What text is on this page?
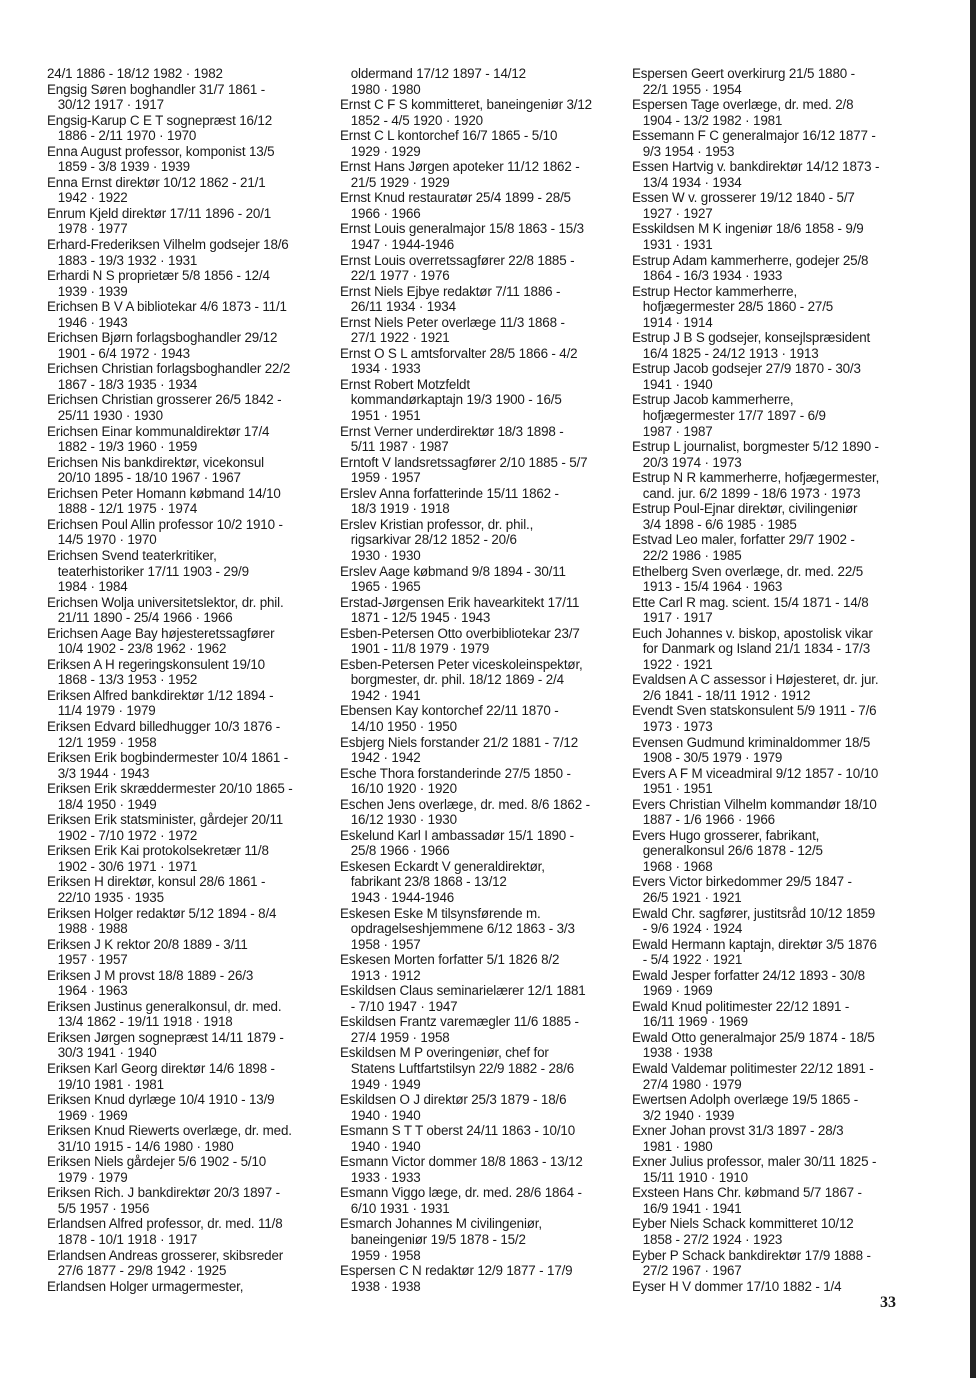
24/1 1886 - 18/12 1982 · 1982
Engsig Søren boghandler 31/7 1861 -
30/12 1917 · 1917
Engsig-Karup C E T sognepræst 16/12
1886 - 2/11 1970 · 1970
Enna August professor, komponist 13/5
1859 - 3/8 1939 · 1939
Enna Ernst direktør 10/12 1862 - 21/1
1942 · 1922
Enrum Kjeld direktør 17/11 1896 - 20/1
1978 · 1977
Erhard-Frederiksen Vilhelm godsejer 18/6
1883 - 19/3 1932 · 1931
Erhardi N S proprietær 5/8 1856 - 12/4
1939 · 1939
Erichsen B V A bibliotekar 4/6 1873 - 11/1
1946 · 1943
Erichsen Bjørn forlagsboghandler 29/12
1901 - 6/4 1972 · 1943
Erichsen Christian forlagsboghandler 22/2
1867 - 18/3 1935 · 1934
Erichsen Christian grosserer 26/5 1842 -
25/11 1930 · 1930
Erichsen Einar kommunaldirektør 17/4
1882 - 19/3 1960 · 1959
Erichsen Nis bankdirektør, vicekonsul
20/10 1895 - 18/10 1967 · 1967
Erichsen Peter Homann købmand 14/10
1888 - 12/1 1975 · 1974
Erichsen Poul Allin professor 10/2 1910 -
14/5 1970 · 1970
Erichsen Svend teaterkritiker,
teaterhistoriker 17/11 1903 - 29/9
1984 · 1984
Erichsen Wolja universitetslektor, dr. phil.
21/11 1890 - 25/4 1966 · 1966
Erichsen Aage Bay højesteretssagfører
10/4 1902 - 23/8 1962 · 1962
Eriksen A H regeringskonsulent 19/10
1868 - 13/3 1953 · 1952
Eriksen Alfred bankdirektør 1/12 1894 -
11/4 1979 · 1979
Eriksen Edvard billedhugger 10/3 1876 -
12/1 1959 · 1958
Eriksen Erik bogbindermester 10/4 1861 -
3/3 1944 · 1943
Eriksen Erik skræddermester 20/10 1865 -
18/4 1950 · 1949
Eriksen Erik statsminister, gårdejer 20/11
1902 - 7/10 1972 · 1972
Eriksen Erik Kai protokolsekretær 11/8
1902 - 30/6 1971 · 1971
Eriksen H direktør, konsul 28/6 1861 -
22/10 1935 · 1935
Eriksen Holger redaktør 5/12 1894 - 8/4
1988 · 1988
Eriksen J K rektor 20/8 1889 - 3/11
1957 · 1957
Eriksen J M provst 18/8 1889 - 26/3
1964 · 1963
Eriksen Justinus generalkonsul, dr. med.
13/4 1862 - 19/11 1918 · 1918
Eriksen Jørgen sognepræst 14/11 1879 -
30/3 1941 · 1940
Eriksen Karl Georg direktør 14/6 1898 -
19/10 1981 · 1981
Eriksen Knud dyrlæge 10/4 1910 - 13/9
1969 · 1969
Eriksen Knud Riewerts overlæge, dr. med.
31/10 1915 - 14/6 1980 · 1980
Eriksen Niels gårdejer 5/6 1902 - 5/10
1979 · 1979
Eriksen Rich. J bankdirektør 20/3 1897 -
5/5 1957 · 1956
Erlandsen Alfred professor, dr. med. 11/8
1878 - 10/1 1918 · 1917
Erlandsen Andreas grosserer, skibsreder
27/6 1877 - 29/8 1942 · 1925
Erlandsen Holger urmagermester,
oldermand 17/12 1897 - 14/12
1980 · 1980
Ernst C F S kommitteret, baneingeniør 3/12
1852 - 4/5 1920 · 1920
Ernst C L kontorchef 16/7 1865 - 5/10
1929 · 1929
Ernst Hans Jørgen apoteker 11/12 1862 -
21/5 1929 · 1929
Ernst Knud restauratør 25/4 1899 - 28/5
1966 · 1966
Ernst Louis generalmajor 15/8 1863 - 15/3
1947 · 1944-1946
Ernst Louis overretssagfører 22/8 1885 -
22/1 1977 · 1976
Ernst Niels Ejbye redaktør 7/11 1886 -
26/11 1934 · 1934
Ernst Niels Peter overlæge 11/3 1868 -
27/1 1922 · 1921
Ernst O S L amtsforvalter 28/5 1866 - 4/2
1934 · 1933
Ernst Robert Motzfeldt
kommandørkaptajn 19/3 1900 - 16/5
1951 · 1951
Ernst Verner underdirektør 18/3 1898 -
5/11 1987 · 1987
Erntoft V landsretssagfører 2/10 1885 - 5/7
1959 · 1957
Erslev Anna forfatterinde 15/11 1862 -
18/3 1919 · 1918
Erslev Kristian professor, dr. phil.,
rigsarkivar 28/12 1852 - 20/6
1930 · 1930
Erslev Aage købmand 9/8 1894 - 30/11
1965 · 1965
Erstad-Jørgensen Erik havearkitekt 17/11
1871 - 12/5 1945 · 1943
Esben-Petersen Otto overbibliotekar 23/7
1901 - 11/8 1979 · 1979
Esben-Petersen Peter viceskoleinspektør,
borgmester, dr. phil. 18/12 1869 - 2/4
1942 · 1941
Ebensen Kay kontorchef 22/11 1870 -
14/10 1950 · 1950
Esbjerg Niels forstander 21/2 1881 - 7/12
1942 · 1942
Esche Thora forstanderinde 27/5 1850 -
16/10 1920 · 1920
Eschen Jens overlæge, dr. med. 8/6 1862 -
16/12 1930 · 1930
Eskelund Karl I ambassadør 15/1 1890 -
25/8 1966 · 1966
Eskesen Eckardt V generaldirektør,
fabrikant 23/8 1868 - 13/12
1943 · 1944-1946
Eskesen Eske M tilsynsførende m.
opdragelseshjemmene 6/12 1863 - 3/3
1958 · 1957
Eskesen Morten forfatter 5/1 1826 8/2
1913 · 1912
Eskildsen Claus seminarielærer 12/1 1881
- 7/10 1947 · 1947
Eskildsen Frantz varemægler 11/6 1885 -
27/4 1959 · 1958
Eskildsen M P overingeniør, chef for
Statens Luftfartstilsyn 22/9 1882 - 28/6
1949 · 1949
Eskildsen O J direktør 25/3 1879 - 18/6
1940 · 1940
Esmann S T T oberst 24/11 1863 - 10/10
1940 · 1940
Esmann Victor dommer 18/8 1863 - 13/12
1933 · 1933
Esmann Viggo læge, dr. med. 28/6 1864 -
6/10 1931 · 1931
Esmarch Johannes M civilingeniør,
baneingeniør 19/5 1878 - 15/2
1959 · 1958
Espersen C N redaktør 12/9 1877 - 17/9
1938 · 1938
Espersen Geert overkirurg 21/5 1880 -
22/1 1955 · 1954
Espersen Tage overlæge, dr. med. 2/8
1904 - 13/2 1982 · 1981
Essemann F C generalmajor 16/12 1877 -
9/3 1954 · 1953
Essen Hartvig v. bankdirektør 14/12 1873 -
13/4 1934 · 1934
Essen W v. grosserer 19/12 1840 - 5/7
1927 · 1927
Esskildsen M K ingeniør 18/6 1858 - 9/9
1931 · 1931
Estrup Adam kammerherre, godejer 25/8
1864 - 16/3 1934 · 1933
Estrup Hector kammerherre,
hofjægermester 28/5 1860 - 27/5
1914 · 1914
Estrup J B S godsejer, konsejlspræsident
16/4 1825 - 24/12 1913 · 1913
Estrup Jacob godsejer 27/9 1870 - 30/3
1941 · 1940
Estrup Jacob kammerherre,
hofjægermester 17/7 1897 - 6/9
1987 · 1987
Estrup L journalist, borgmester 5/12 1890 -
20/3 1974 · 1973
Estrup N R kammerherre, hofjægermester,
cand. jur. 6/2 1899 - 18/6 1973 · 1973
Estrup Poul-Ejnar direktør, civilingeniør
3/4 1898 - 6/6 1985 · 1985
Estvad Leo maler, forfatter 29/7 1902 -
22/2 1986 · 1985
Ethelberg Sven overlæge, dr. med. 22/5
1913 - 15/4 1964 · 1963
Ette Carl R mag. scient. 15/4 1871 - 14/8
1917 · 1917
Euch Johannes v. biskop, apostolisk vikar
for Danmark og Island 21/1 1834 - 17/3
1922 · 1921
Evaldsen A C assessor i Højesteret, dr. jur.
2/6 1841 - 18/11 1912 · 1912
Evendt Sven statskonsulent 5/9 1911 - 7/6
1973 · 1973
Evensen Gudmund kriminaldommer 18/5
1908 - 30/5 1979 · 1979
Evers A F M viceadmiral 9/12 1857 - 10/10
1951 · 1951
Evers Christian Vilhelm kommandør 18/10
1887 - 1/6 1966 · 1966
Evers Hugo grosserer, fabrikant,
generalkonsul 26/6 1878 - 12/5
1968 · 1968
Evers Victor birkedommer 29/5 1847 -
26/5 1921 · 1921
Ewald Chr. sagfører, justitsråd 10/12 1859
- 9/6 1924 · 1924
Ewald Hermann kaptajn, direktør 3/5 1876
- 5/4 1922 · 1921
Ewald Jesper forfatter 24/12 1893 - 30/8
1969 · 1969
Ewald Knud politimester 22/12 1891 -
16/11 1969 · 1969
Ewald Otto generalmajor 25/9 1874 - 18/5
1938 · 1938
Ewald Valdemar politimester 22/12 1891 -
27/4 1980 · 1979
Ewertsen Adolph overlæge 19/5 1865 -
3/2 1940 · 1939
Exner Johan provst 31/3 1897 - 28/3
1981 · 1980
Exner Julius professor, maler 30/11 1825 -
15/11 1910 · 1910
Exsteen Hans Chr. købmand 5/7 1867 -
16/9 1941 · 1941
Eyber Niels Schack kommitteret 10/12
1858 - 27/2 1924 · 1923
Eyber P Schack bankdirektør 17/9 1888 -
27/2 1967 · 1967
Eyser H V dommer 17/10 1882 - 1/4
33
